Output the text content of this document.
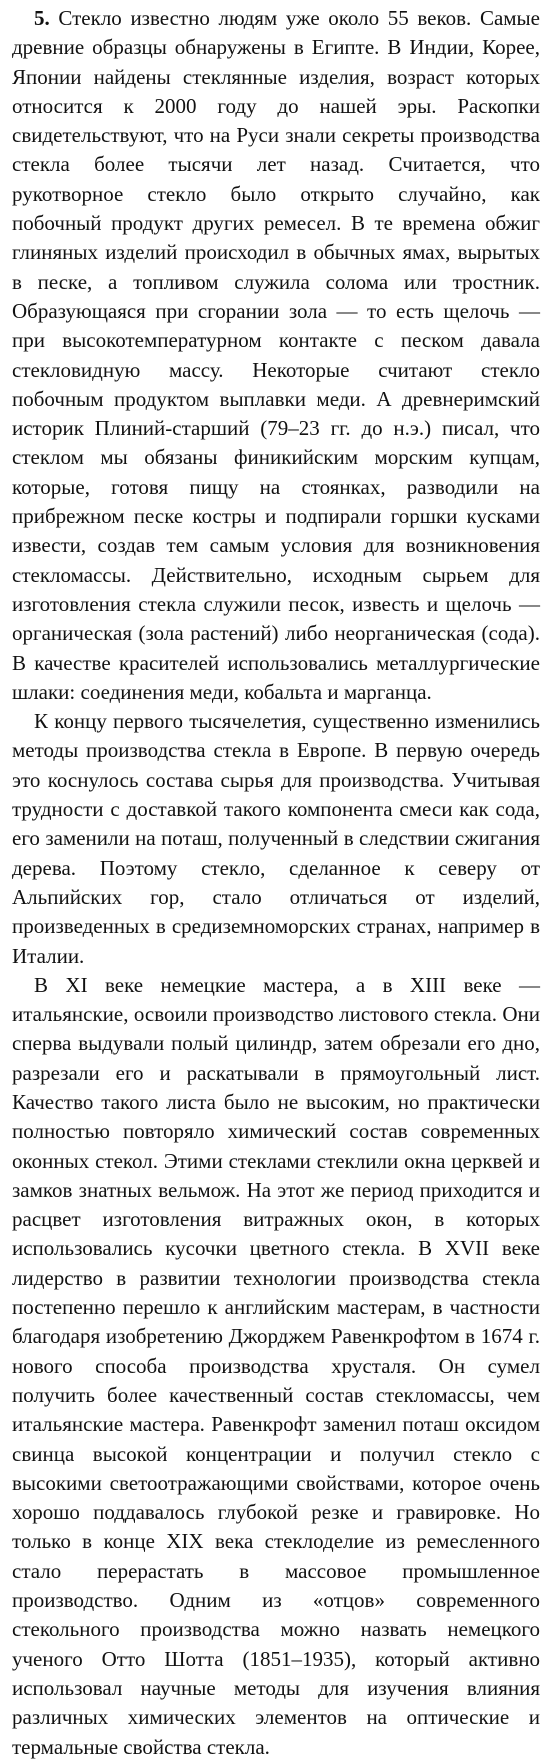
5. Стекло известно людям уже около 55 веков. Самые древние образцы обнаружены в Египте. В Индии, Корее, Японии найдены стеклянные изделия, возраст которых относится к 2000 году до нашей эры. Раскопки свидетельствуют, что на Руси знали секреты производства стекла более тысячи лет назад. Считается, что рукотворное стекло было открыто случайно, как побочный продукт других ремесел. В те времена обжиг глиняных изделий происходил в обычных ямах, вырытых в песке, а топливом служила солома или тростник. Образующаяся при сгорании зола — то есть щелочь — при высокотемпературном контакте с песком давала стекловидную массу. Некоторые считают стекло побочным продуктом выплавки меди. А древнеримский историк Плиний-старший (79–23 гг. до н.э.) писал, что стеклом мы обязаны финикийским морским купцам, которые, готовя пищу на стоянках, разводили на прибрежном песке костры и подпирали горшки кусками извести, создав тем самым условия для возникновения стекломассы. Действительно, исходным сырьем для изготовления стекла служили песок, известь и щелочь — органическая (зола растений) либо неорганическая (сода). В качестве красителей использовались металлургические шлаки: соединения меди, кобальта и марганца.

К концу первого тысячелетия, существенно изменились методы производства стекла в Европе. В первую очередь это коснулось состава сырья для производства. Учитывая трудности с доставкой такого компонента смеси как сода, его заменили на поташ, полученный в следствии сжигания дерева. Поэтому стекло, сделанное к северу от Альпийских гор, стало отличаться от изделий, произведенных в средиземноморских странах, например в Италии.

В XI веке немецкие мастера, а в XIII веке — итальянские, освоили производство листового стекла. Они сперва выдували полый цилиндр, затем обрезали его дно, разрезали его и раскатывали в прямоугольный лист. Качество такого листа было не высоким, но практически полностью повторяло химический состав современных оконных стекол. Этими стеклами стеклили окна церквей и замков знатных вельмож. На этот же период приходится и расцвет изготовления витражных окон, в которых использовались кусочки цветного стекла. В XVII веке лидерство в развитии технологии производства стекла постепенно перешло к английским мастерам, в частности благодаря изобретению Джорджем Равенкрофтом в 1674 г. нового способа производства хрусталя. Он сумел получить более качественный состав стекломассы, чем итальянские мастера. Равенкрофт заменил поташ оксидом свинца высокой концентрации и получил стекло с высокими светоотражающими свойствами, которое очень хорошо поддавалось глубокой резке и гравировке. Но только в конце XIX века стеклоделие из ремесленного стало перерастать в массовое промышленное производство. Одним из «отцов» современного стекольного производства можно назвать немецкого ученого Отто Шотта (1851–1935), который активно использовал научные методы для изучения влияния различных химических элементов на оптические и термальные свойства стекла.
